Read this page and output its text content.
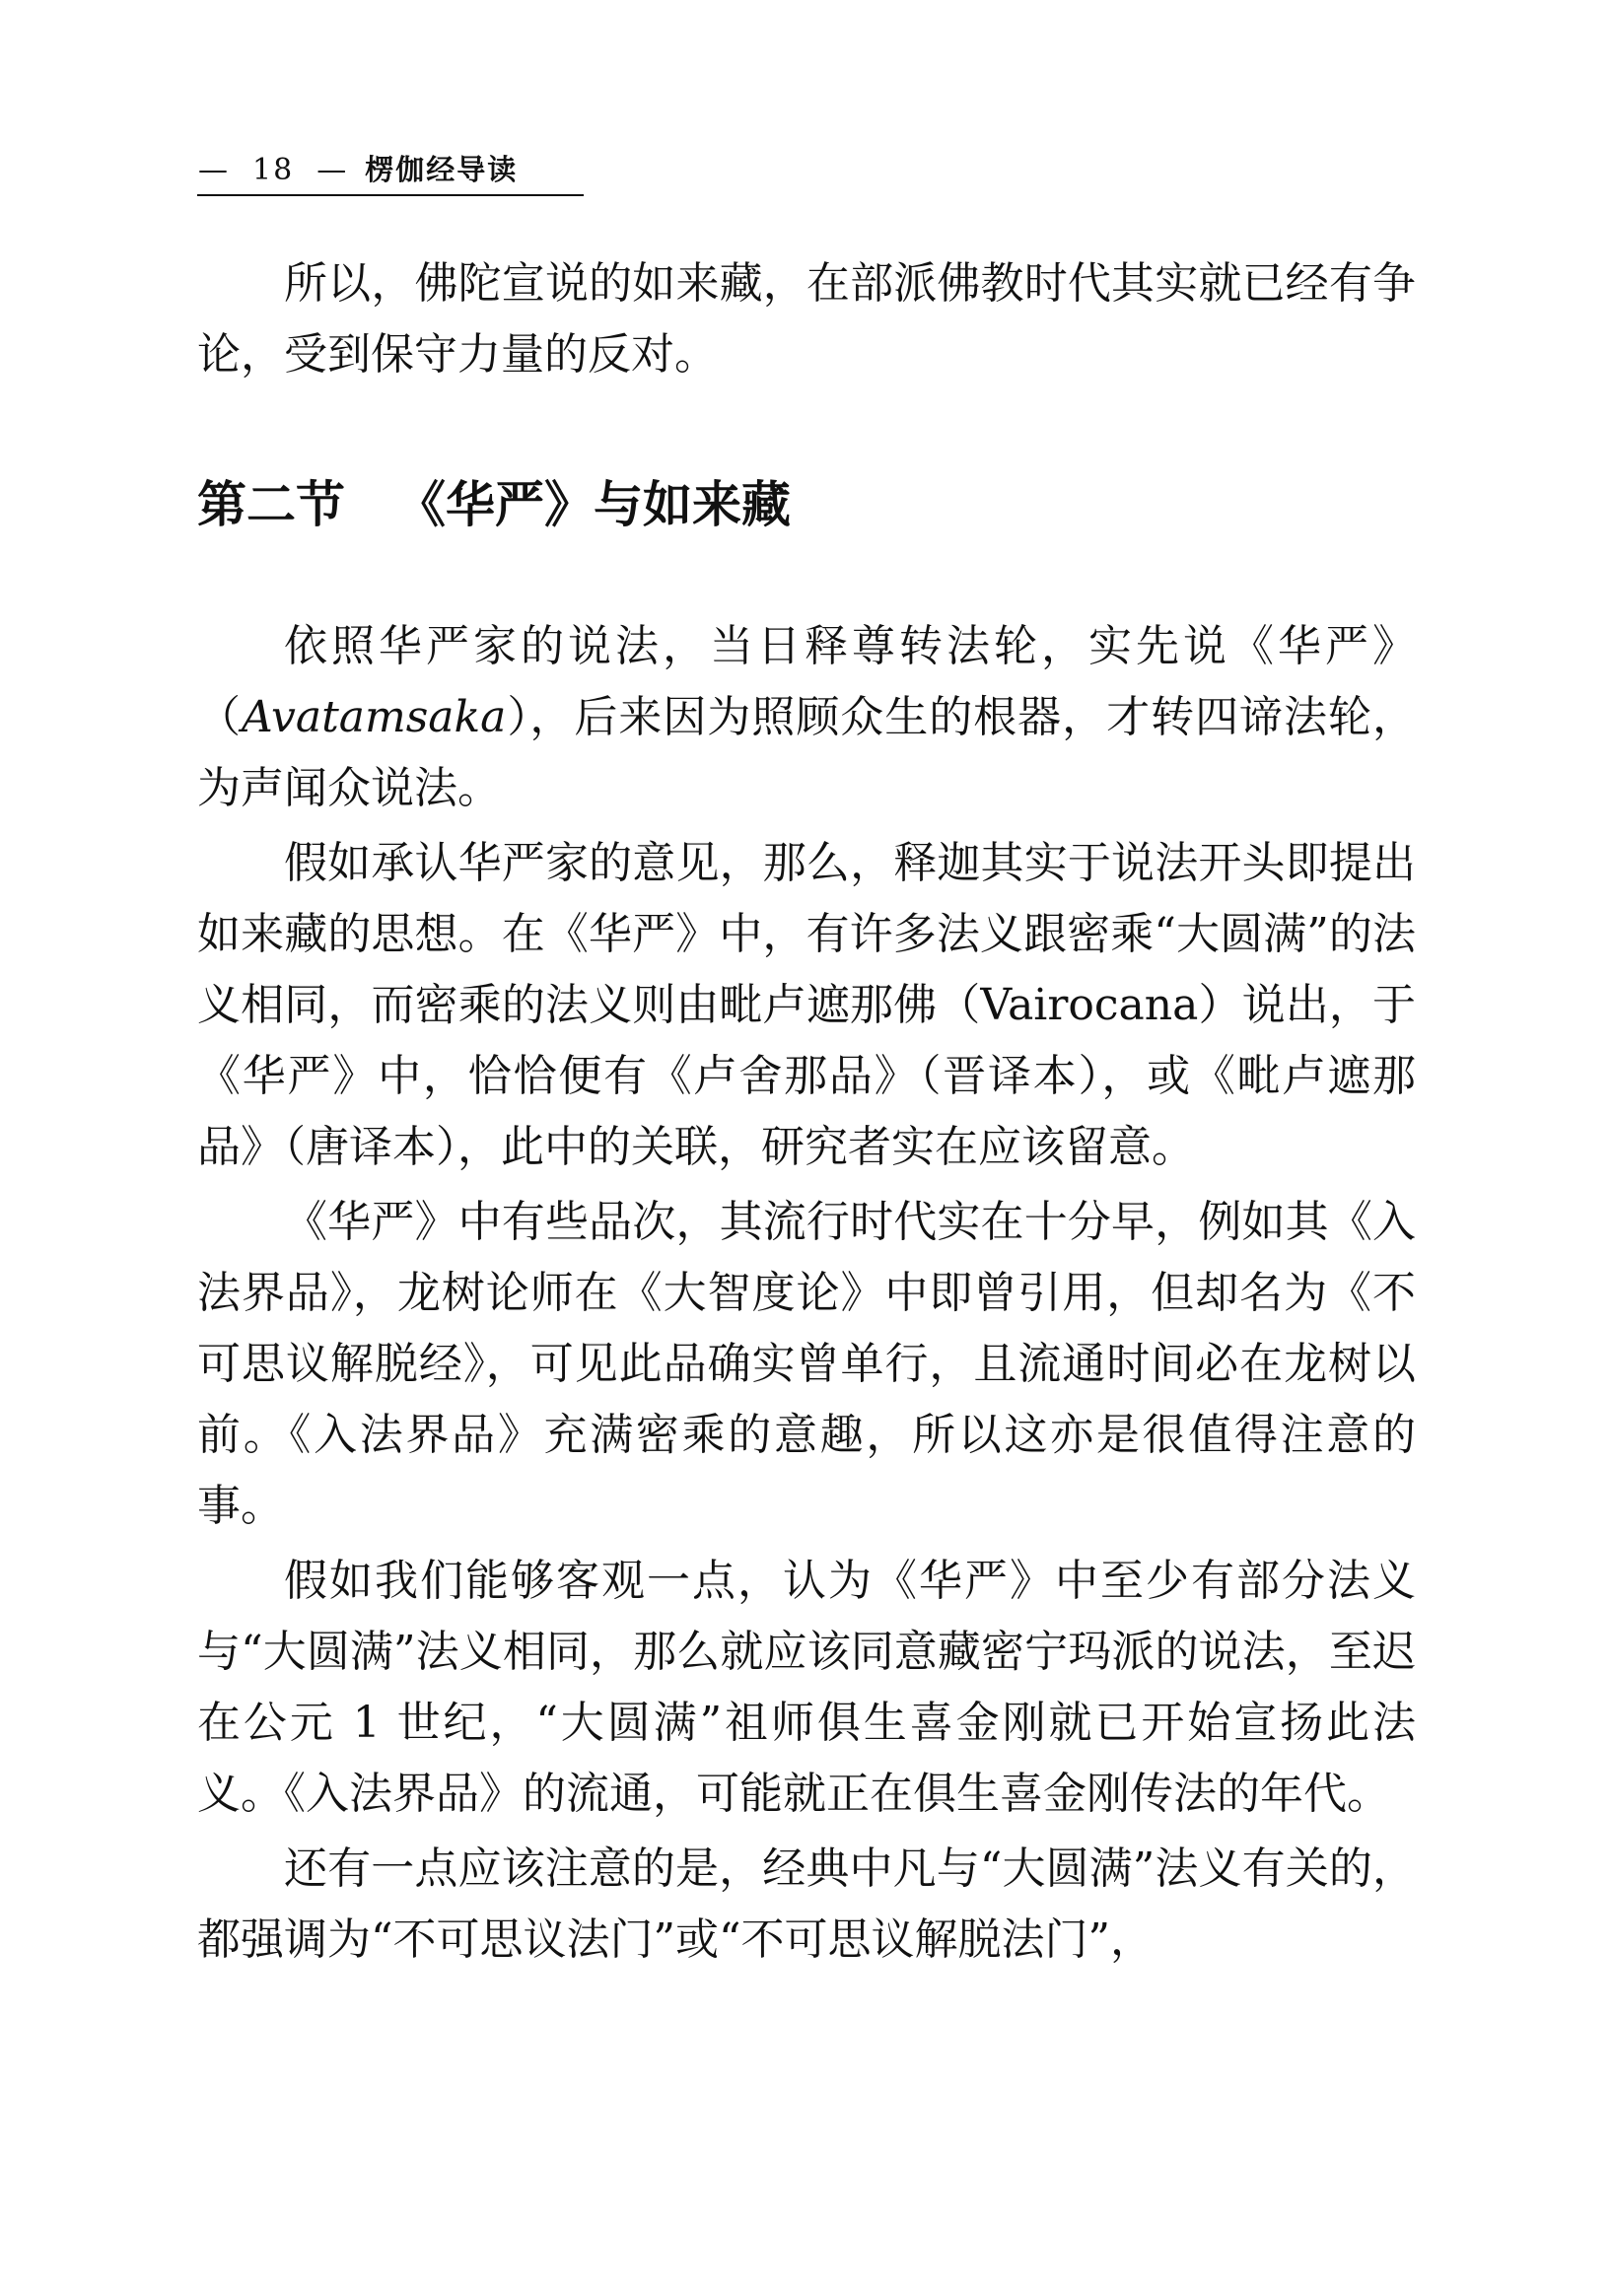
— 18 — 楞伽经导读

所以，佛陀宣说的如来藏，在部派佛教时代其实就已经有争论，受到保守力量的反对。

第二节 《华严》与如来藏

依照华严家的说法，当日释尊转法轮，实先说《华严》（Avatamsaka），后来因为照顾众生的根器，才转四谛法轮，为声闻众说法。

假如承认华严家的意见，那么，释迦其实于说法开头即提出如来藏的思想。在《华严》中，有许多法义跟密乘“大圆满”的法义相同，而密乘的法义则由毗卢遮那佛（Vairocana）说出，于《华严》中，恰恰便有《卢舍那品》（晋译本），或《毗卢遮那品》（唐译本），此中的关联，研究者实在应该留意。

《华严》中有些品次，其流行时代实在十分早，例如其《入法界品》，龙树论师在《大智度论》中即曾引用，但却名为《不可思议解脱经》，可见此品确实曾单行，且流通时间必在龙树以前。《入法界品》充满密乘的意趣，所以这亦是很值得注意的事。

假如我们能够客观一点，认为《华严》中至少有部分法义与“大圆满”法义相同，那么就应该同意藏密宁玛派的说法，至迟在公元 1 世纪，“大圆满”祖师俱生喜金刚就已开始宣扬此法义。《入法界品》的流通，可能就正在俱生喜金刚传法的年代。

还有一点应该注意的是，经典中凡与“大圆满”法义有关的，都强调为“不可思议法门”或“不可思议解脱法门”，
